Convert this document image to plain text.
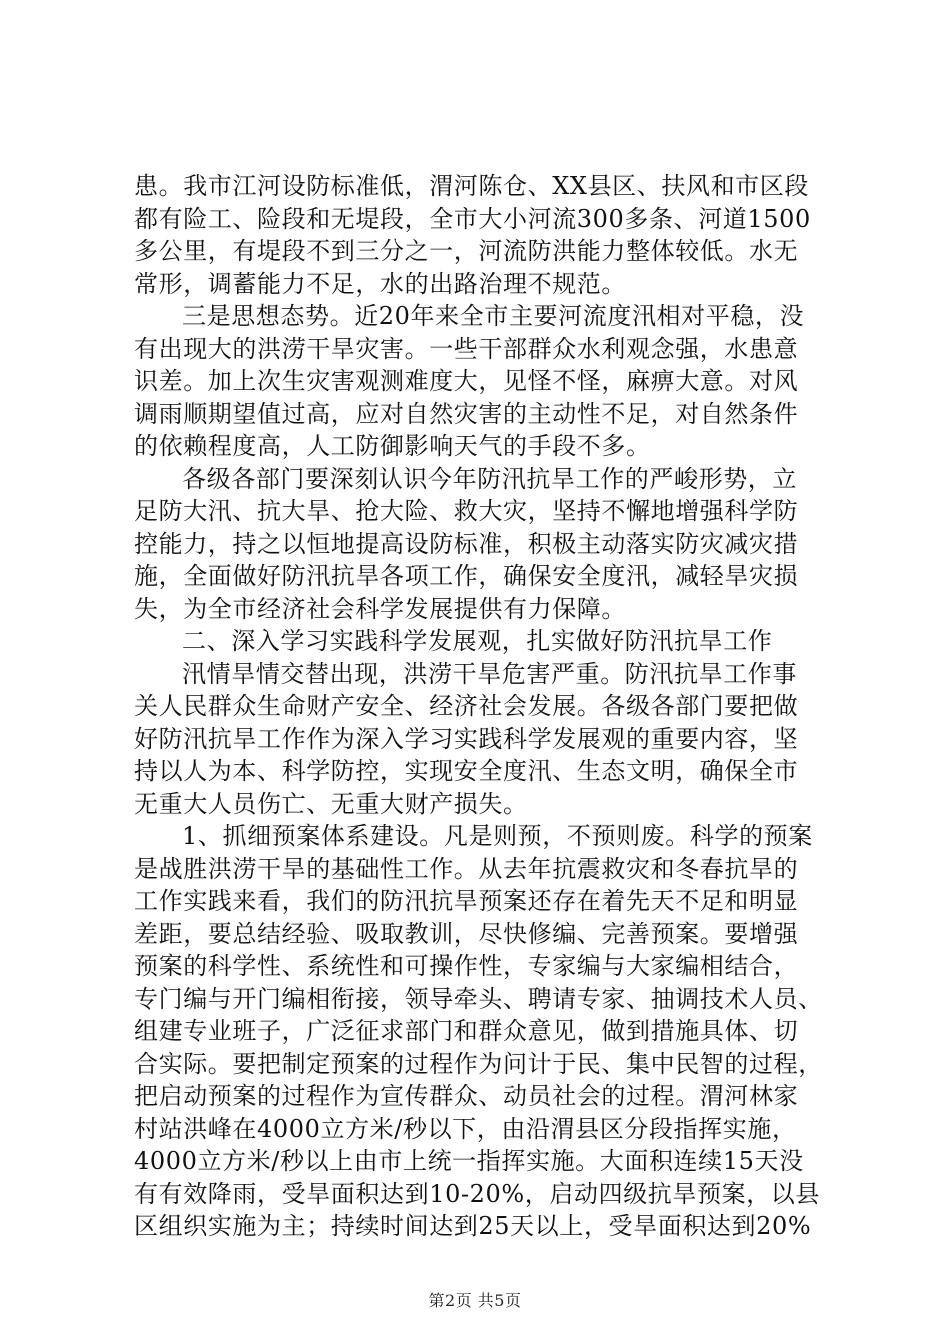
患。我市江河设防标准低，渭河陈仓、XX县区、扶风和市区段
都有险工、险段和无堤段，全市大小河流300多条、河道1500
多公里，有堤段不到三分之一，河流防洪能力整体较低。水无
常形，调蓄能力不足，水的出路治理不规范。
三是思想态势。近20年来全市主要河流度汛相对平稳，没
有出现大的洪涝干旱灾害。一些干部群众水利观念强，水患意
识差。加上次生灾害观测难度大，见怪不怪，麻痹大意。对风
调雨顺期望值过高，应对自然灾害的主动性不足，对自然条件
的依赖程度高，人工防御影响天气的手段不多。
各级各部门要深刻认识今年防汛抗旱工作的严峻形势，立
足防大汛、抗大旱、抢大险、救大灾，坚持不懈地增强科学防
控能力，持之以恒地提高设防标准，积极主动落实防灾减灾措
施，全面做好防汛抗旱各项工作，确保安全度汛，减轻旱灾损
失，为全市经济社会科学发展提供有力保障。
二、深入学习实践科学发展观，扎实做好防汛抗旱工作
汛情旱情交替出现，洪涝干旱危害严重。防汛抗旱工作事
关人民群众生命财产安全、经济社会发展。各级各部门要把做
好防汛抗旱工作作为深入学习实践科学发展观的重要内容，坚
持以人为本、科学防控，实现安全度汛、生态文明，确保全市
无重大人员伤亡、无重大财产损失。
1、抓细预案体系建设。凡是则预，不预则废。科学的预案
是战胜洪涝干旱的基础性工作。从去年抗震救灾和冬春抗旱的
工作实践来看，我们的防汛抗旱预案还存在着先天不足和明显
差距，要总结经验、吸取教训，尽快修编、完善预案。要增强
预案的科学性、系统性和可操作性，专家编与大家编相结合，
专门编与开门编相衔接，领导牵头、聘请专家、抽调技术人员、
组建专业班子，广泛征求部门和群众意见，做到措施具体、切
合实际。要把制定预案的过程作为问计于民、集中民智的过程，
把启动预案的过程作为宣传群众、动员社会的过程。渭河林家
村站洪峰在4000立方米/秒以下，由沿渭县区分段指挥实施，
4000立方米/秒以上由市上统一指挥实施。大面积连续15天没
有有效降雨，受旱面积达到10-20%，启动四级抗旱预案，以县
区组织实施为主；持续时间达到25天以上，受旱面积达到20%
第2页 共5页
